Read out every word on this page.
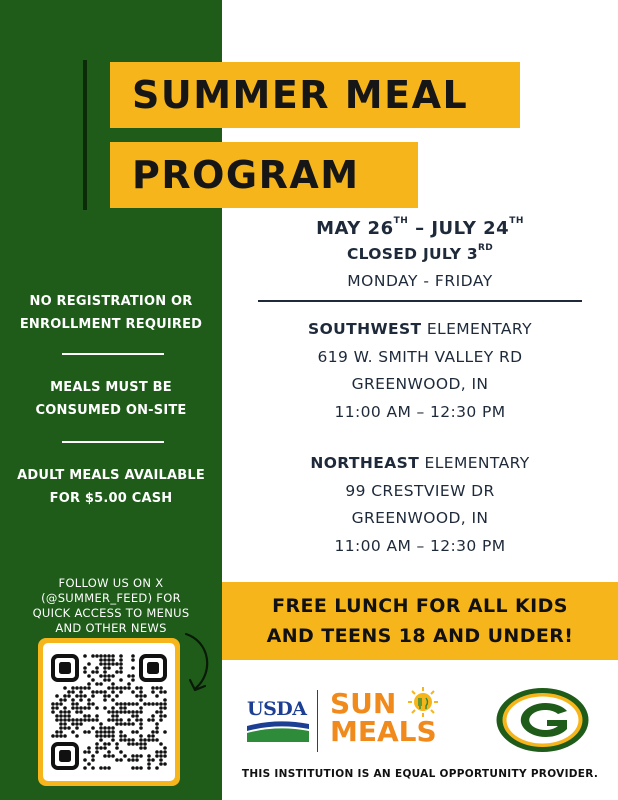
SUMMER MEAL
PROGRAM
MAY 26TH – JULY 24TH
CLOSED JULY 3RD
MONDAY - FRIDAY
SOUTHWEST ELEMENTARY
619 W. SMITH VALLEY RD
GREENWOOD, IN
11:00 AM – 12:30 PM
NORTHEAST ELEMENTARY
99 CRESTVIEW DR
GREENWOOD, IN
11:00 AM – 12:30 PM
NO REGISTRATION OR
ENROLLMENT REQUIRED
MEALS MUST BE
CONSUMED ON-SITE
ADULT MEALS AVAILABLE
FOR $5.00 CASH
FOLLOW US ON X
(@SUMMER_FEED) FOR
QUICK ACCESS TO MENUS
AND OTHER NEWS
FREE LUNCH FOR ALL KIDS
AND TEENS 18 AND UNDER!
USDA SUN
MEALS
THIS INSTITUTION IS AN EQUAL OPPORTUNITY PROVIDER.
